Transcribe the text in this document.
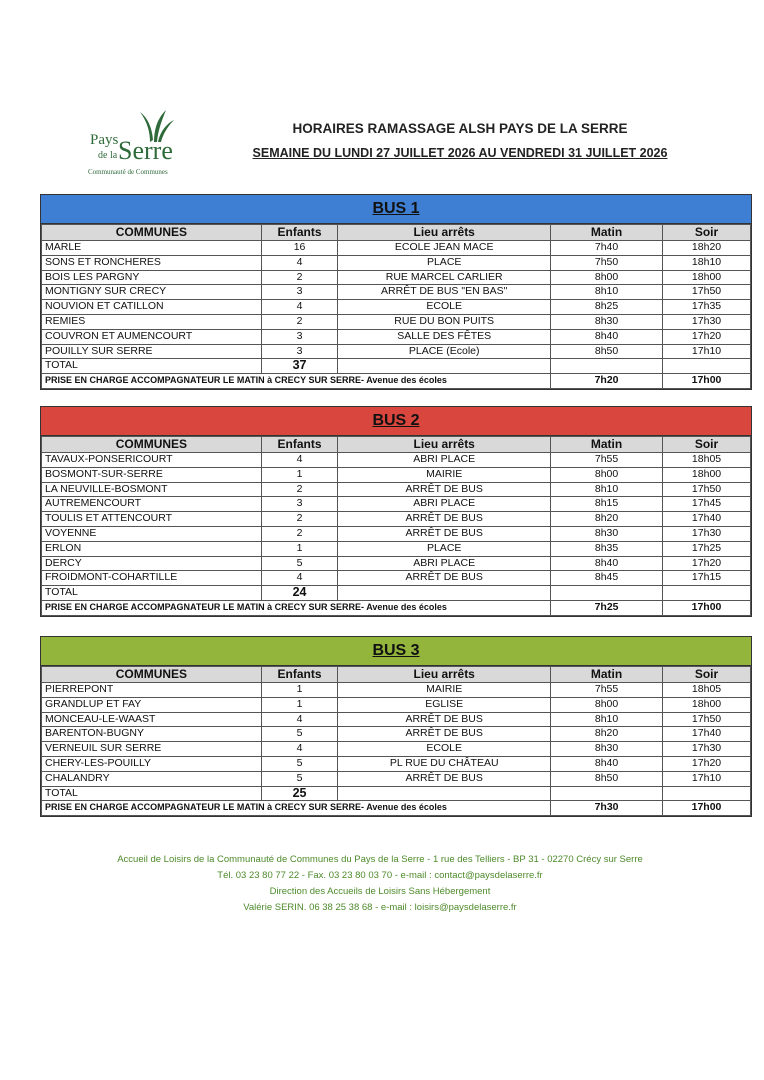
Pays
de la Serre
Communauté de Communes
HORAIRES RAMASSAGE ALSH PAYS DE LA SERRE
SEMAINE DU LUNDI 27 JUILLET 2026 AU VENDREDI 31 JUILLET 2026
BUS 1
COMMUNES	Enfants	Lieu arrêts	Matin	Soir
MARLE	16	ECOLE JEAN MACE	7h40	18h20
SONS ET RONCHERES	4	PLACE	7h50	18h10
BOIS LES PARGNY	2	RUE MARCEL CARLIER	8h00	18h00
MONTIGNY SUR CRECY	3	ARRÊT DE BUS "EN BAS"	8h10	17h50
NOUVION ET CATILLON	4	ECOLE	8h25	17h35
REMIES	2	RUE DU BON PUITS	8h30	17h30
COUVRON ET AUMENCOURT	3	SALLE DES FÊTES	8h40	17h20
POUILLY SUR SERRE	3	PLACE (Ecole)	8h50	17h10
TOTAL	37			
PRISE EN CHARGE ACCOMPAGNATEUR LE MATIN à CRECY SUR SERRE- Avenue des écoles			7h20	17h00
BUS 2
COMMUNES	Enfants	Lieu arrêts	Matin	Soir
TAVAUX-PONSERICOURT	4	ABRI PLACE	7h55	18h05
BOSMONT-SUR-SERRE	1	MAIRIE	8h00	18h00
LA NEUVILLE-BOSMONT	2	ARRÊT DE BUS	8h10	17h50
AUTREMENCOURT	3	ABRI PLACE	8h15	17h45
TOULIS ET ATTENCOURT	2	ARRÊT DE BUS	8h20	17h40
VOYENNE	2	ARRÊT DE BUS	8h30	17h30
ERLON	1	PLACE	8h35	17h25
DERCY	5	ABRI PLACE	8h40	17h20
FROIDMONT-COHARTILLE	4	ARRÊT DE BUS	8h45	17h15
TOTAL	24			
PRISE EN CHARGE ACCOMPAGNATEUR LE MATIN à CRECY SUR SERRE- Avenue des écoles			7h25	17h00
BUS 3
COMMUNES	Enfants	Lieu arrêts	Matin	Soir
PIERREPONT	1	MAIRIE	7h55	18h05
GRANDLUP ET FAY	1	EGLISE	8h00	18h00
MONCEAU-LE-WAAST	4	ARRÊT DE BUS	8h10	17h50
BARENTON-BUGNY	5	ARRÊT DE BUS	8h20	17h40
VERNEUIL SUR SERRE	4	ECOLE	8h30	17h30
CHERY-LES-POUILLY	5	PL RUE DU CHÂTEAU	8h40	17h20
CHALANDRY	5	ARRÊT DE BUS	8h50	17h10
TOTAL	25			
PRISE EN CHARGE ACCOMPAGNATEUR LE MATIN à CRECY SUR SERRE- Avenue des écoles			7h30	17h00
Accueil de Loisirs de la Communauté de Communes du Pays de la Serre - 1 rue des Telliers - BP 31 - 02270 Crécy sur Serre
Tél. 03 23 80 77 22 - Fax. 03 23 80 03 70 - e-mail : contact@paysdelaserre.fr
Direction des Accueils de Loisirs Sans Hébergement
Valérie SERIN. 06 38 25 38 68 - e-mail : loisirs@paysdelaserre.fr
